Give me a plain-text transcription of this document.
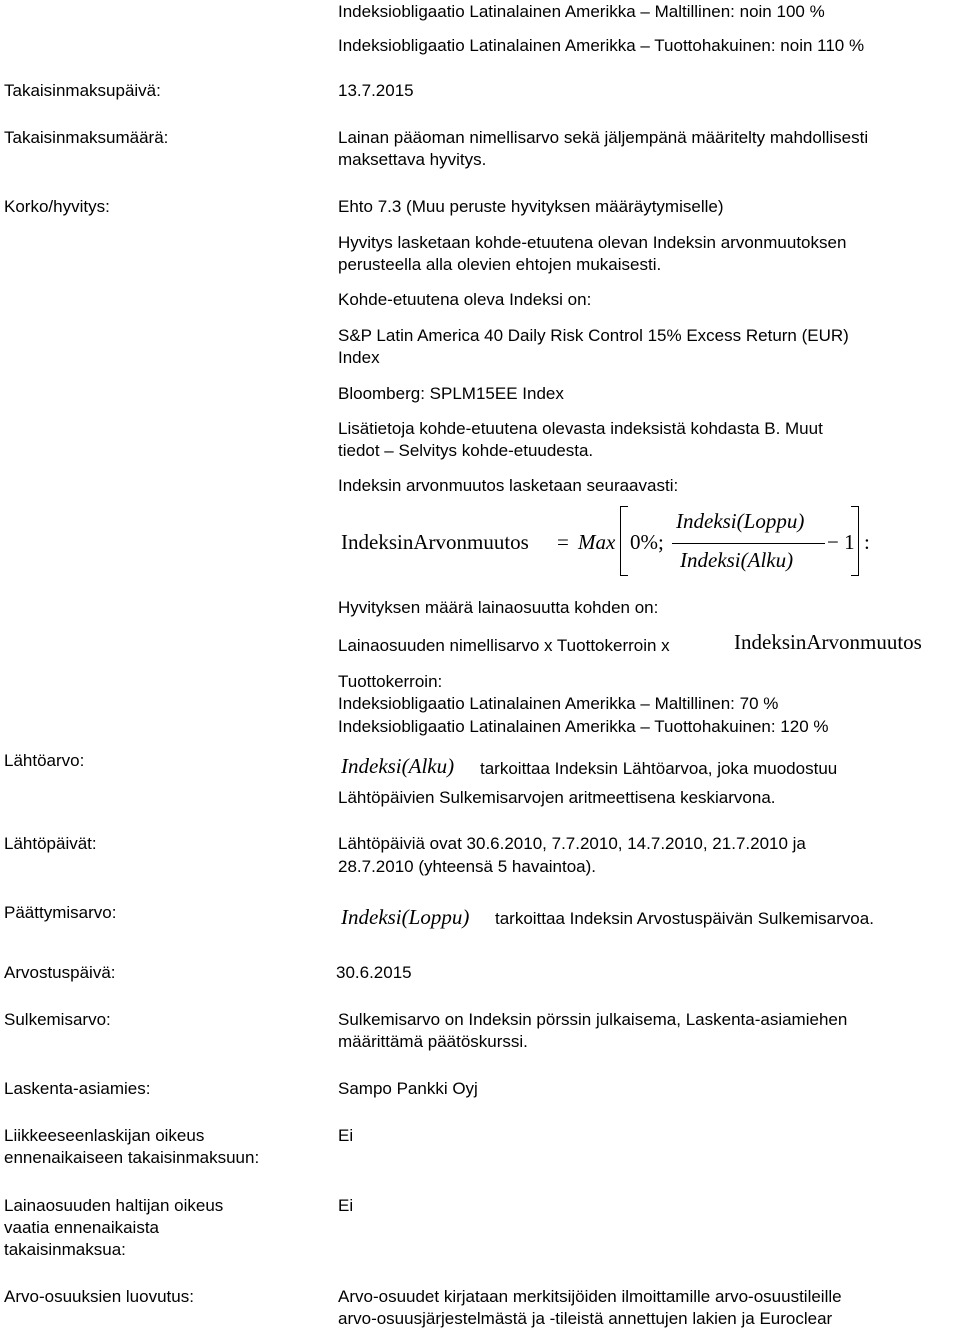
Indeksiobligaatio Latinalainen Amerikka – Maltillinen: noin 100 %
Indeksiobligaatio Latinalainen Amerikka – Tuottohakuinen: noin 110 %
Takaisinmaksupäivä:	13.7.2015
Takaisinmaksumäärä:	Lainan pääoman nimellisarvo sekä jäljempänä määritelty mahdollisesti
maksettava hyvitys.
Korko/hyvitys:	Ehto 7.3 (Muu peruste hyvityksen määräytymiselle)
Hyvitys lasketaan kohde-etuutena olevan Indeksin arvonmuutoksen
perusteella alla olevien ehtojen mukaisesti.
Kohde-etuutena oleva Indeksi on:
S&P Latin America 40 Daily Risk Control 15% Excess Return (EUR)
Index
Bloomberg: SPLM15EE Index
Lisätietoja kohde-etuutena olevasta indeksistä kohdasta B. Muut
tiedot – Selvitys kohde-etuudesta.
Indeksin arvonmuutos lasketaan seuraavasti:
IndeksinArvonmuutos = Max 0%;
Indeksi(Loppu)
Indeksi(Alku)
− 1 :
Hyvityksen määrä lainaosuutta kohden on:
Lainaosuuden nimellisarvo x Tuottokerroin x	IndeksinArvonmuutos
Tuottokerroin:
Indeksiobligaatio Latinalainen Amerikka – Maltillinen: 70 %
Indeksiobligaatio Latinalainen Amerikka – Tuottohakuinen: 120 %
Lähtöarvo:	Indeksi(Alku) tarkoittaa Indeksin Lähtöarvoa, joka muodostuu
Lähtöpäivien Sulkemisarvojen aritmeettisena keskiarvona.
Lähtöpäivät:	Lähtöpäiviä ovat 30.6.2010, 7.7.2010, 14.7.2010, 21.7.2010 ja
28.7.2010 (yhteensä 5 havaintoa).
Päättymisarvo:	Indeksi(Loppu) tarkoittaa Indeksin Arvostuspäivän Sulkemisarvoa.
Arvostuspäivä:	30.6.2015
Sulkemisarvo:	Sulkemisarvo on Indeksin pörssin julkaisema, Laskenta-asiamiehen
määrittämä päätöskurssi.
Laskenta-asiamies:	Sampo Pankki Oyj
Liikkeeseenlaskijan oikeus
ennenaikaiseen takaisinmaksuun:
Ei
Lainaosuuden haltijan oikeus
vaatia ennenaikaista
takaisinmaksua:
Ei
Arvo-osuuksien luovutus:	Arvo-osuudet kirjataan merkitsijöiden ilmoittamille arvo-osuustileille
arvo-osuusjärjestelmästä ja -tileistä annettujen lakien ja Euroclear
